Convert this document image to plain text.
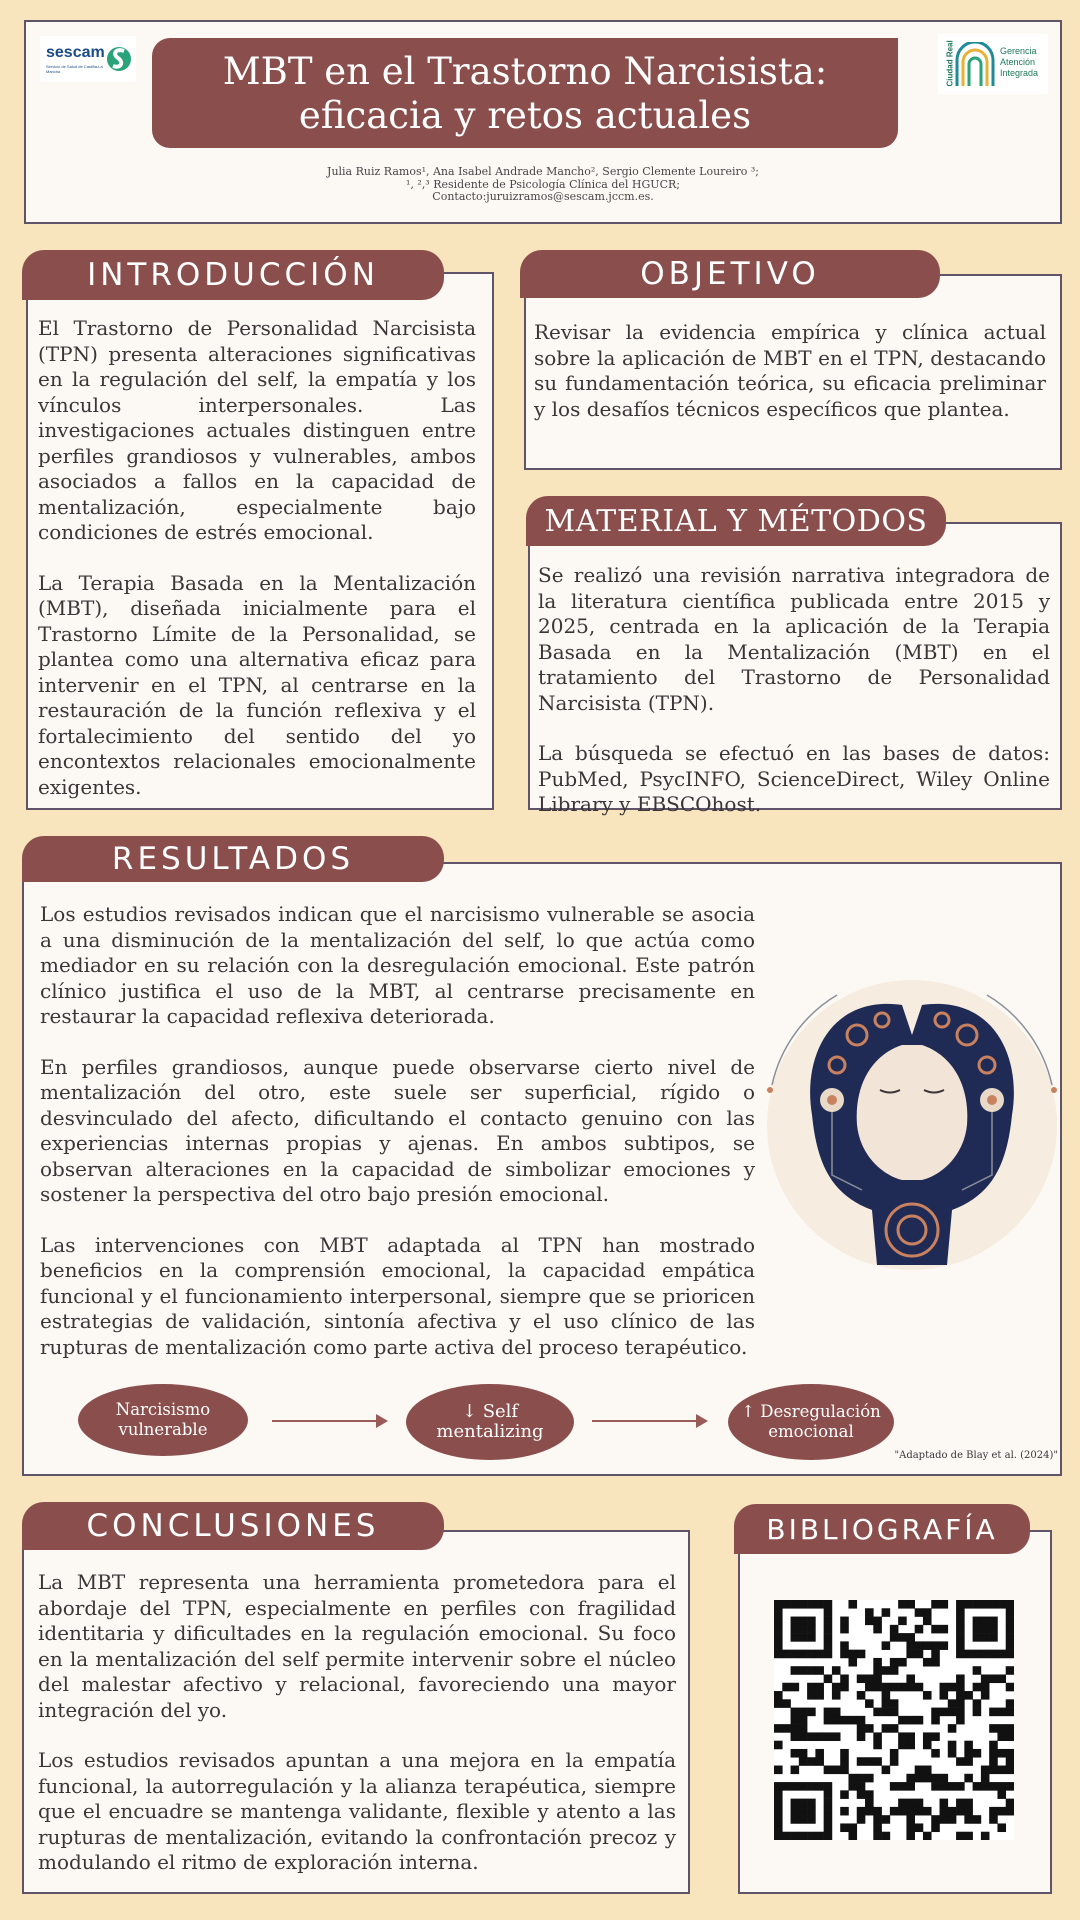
sescam
Servicio de Salud de Castilla-La Mancha	MBT en el Trastorno Narcisista:
eficacia y retos actuales
Ciudad Real	Gerencia
Atención
Integrada
Julia Ruiz Ramos¹, Ana Isabel Andrade Mancho², Sergio Clemente Loureiro ³;
¹, ²,³ Residente de Psicología Clínica del HGUCR;
Contacto:juruizramos@sescam.jccm.es.
INTRODUCCIÓN

El Trastorno de Personalidad Narcisista (TPN) presenta alteraciones significativas en la regulación del self, la empatía y los vínculos interpersonales. Las investigaciones actuales distinguen entre perfiles grandiosos y vulnerables, ambos asociados a fallos en la capacidad de mentalización, especialmente bajo condiciones de estrés emocional.

La Terapia Basada en la Mentalización (MBT), diseñada inicialmente para el Trastorno Límite de la Personalidad, se plantea como una alternativa eficaz para intervenir en el TPN, al centrarse en la restauración de la función reflexiva y el fortalecimiento del sentido del yo encontextos relacionales emocionalmente exigentes.

OBJETIVO

Revisar la evidencia empírica y clínica actual sobre la aplicación de MBT en el TPN, destacando su fundamentación teórica, su eficacia preliminar y los desafíos técnicos específicos que plantea.

MATERIAL Y MÉTODOS

Se realizó una revisión narrativa integradora de la literatura científica publicada entre 2015 y 2025, centrada en la aplicación de la Terapia Basada en la Mentalización (MBT) en el tratamiento del Trastorno de Personalidad Narcisista (TPN).

La búsqueda se efectuó en las bases de datos: PubMed, PsycINFO, ScienceDirect, Wiley Online Library y EBSCOhost.

RESULTADOS

Los estudios revisados indican que el narcisismo vulnerable se asocia a una disminución de la mentalización del self, lo que actúa como mediador en su relación con la desregulación emocional. Este patrón clínico justifica el uso de la MBT, al centrarse precisamente en restaurar la capacidad reflexiva deteriorada.

En perfiles grandiosos, aunque puede observarse cierto nivel de mentalización del otro, este suele ser superficial, rígido o desvinculado del afecto, dificultando el contacto genuino con las experiencias internas propias y ajenas. En ambos subtipos, se observan alteraciones en la capacidad de simbolizar emociones y sostener la perspectiva del otro bajo presión emocional.

Las intervenciones con MBT adaptada al TPN han mostrado beneficios en la comprensión emocional, la capacidad empática funcional y el funcionamiento interpersonal, siempre que se prioricen estrategias de validación, sintonía afectiva y el uso clínico de las rupturas de mentalización como parte activa del proceso terapéutico.

Narcisismo
vulnerable
↓ Self mentalizing
↑ Desregulación
emocional
"Adaptado de Blay et al. (2024)"
CONCLUSIONES

La MBT representa una herramienta prometedora para el abordaje del TPN, especialmente en perfiles con fragilidad identitaria y dificultades en la regulación emocional. Su foco en la mentalización del self permite intervenir sobre el núcleo del malestar afectivo y relacional, favoreciendo una mayor integración del yo.

Los estudios revisados apuntan a una mejora en la empatía funcional, la autorregulación y la alianza terapéutica, siempre que el encuadre se mantenga validante, flexible y atento a las rupturas de mentalización, evitando la confrontación precoz y modulando el ritmo de exploración interna.

BIBLIOGRAFÍA
